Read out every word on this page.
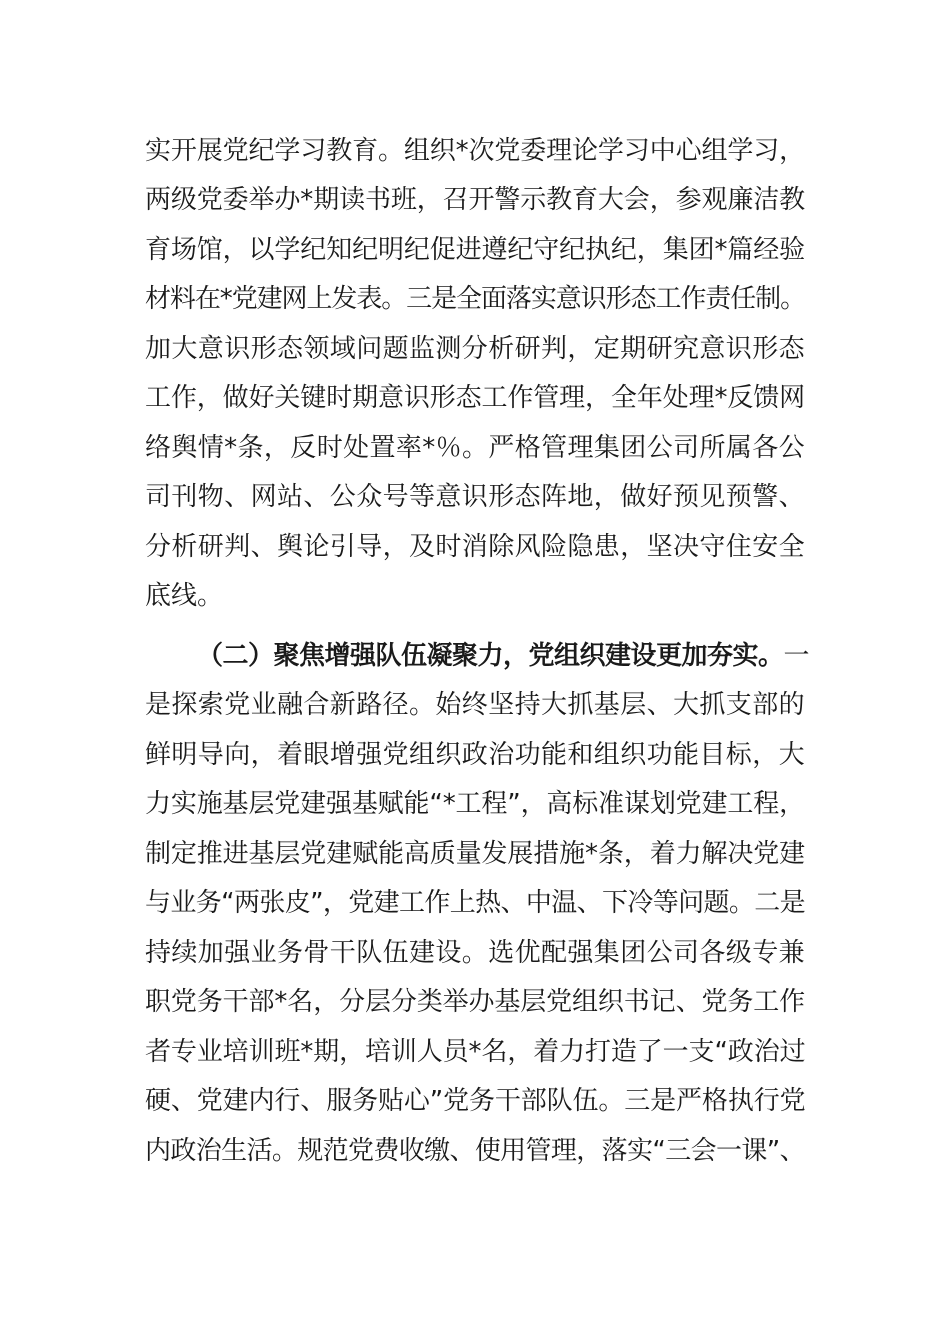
实开展党纪学习教育。组织*次党委理论学习中心组学习，
两级党委举办*期读书班，召开警示教育大会，参观廉洁教
育场馆，以学纪知纪明纪促进遵纪守纪执纪，集团*篇经验
材料在*党建网上发表。三是全面落实意识形态工作责任制。
加大意识形态领域问题监测分析研判，定期研究意识形态
工作，做好关键时期意识形态工作管理，全年处理*反馈网
络舆情*条，反时处置率*％。严格管理集团公司所属各公
司刊物、网站、公众号等意识形态阵地，做好预见预警、
分析研判、舆论引导，及时消除风险隐患，坚决守住安全
底线。
（二）聚焦增强队伍凝聚力，党组织建设更加夯实。一
是探索党业融合新路径。始终坚持大抓基层、大抓支部的
鲜明导向，着眼增强党组织政治功能和组织功能目标，大
力实施基层党建强基赋能“*工程”，高标准谋划党建工程，
制定推进基层党建赋能高质量发展措施*条，着力解决党建
与业务“两张皮”，党建工作上热、中温、下冷等问题。二是
持续加强业务骨干队伍建设。选优配强集团公司各级专兼
职党务干部*名，分层分类举办基层党组织书记、党务工作
者专业培训班*期，培训人员*名，着力打造了一支“政治过
硬、党建内行、服务贴心”党务干部队伍。三是严格执行党
内政治生活。规范党费收缴、使用管理，落实“三会一课”、
